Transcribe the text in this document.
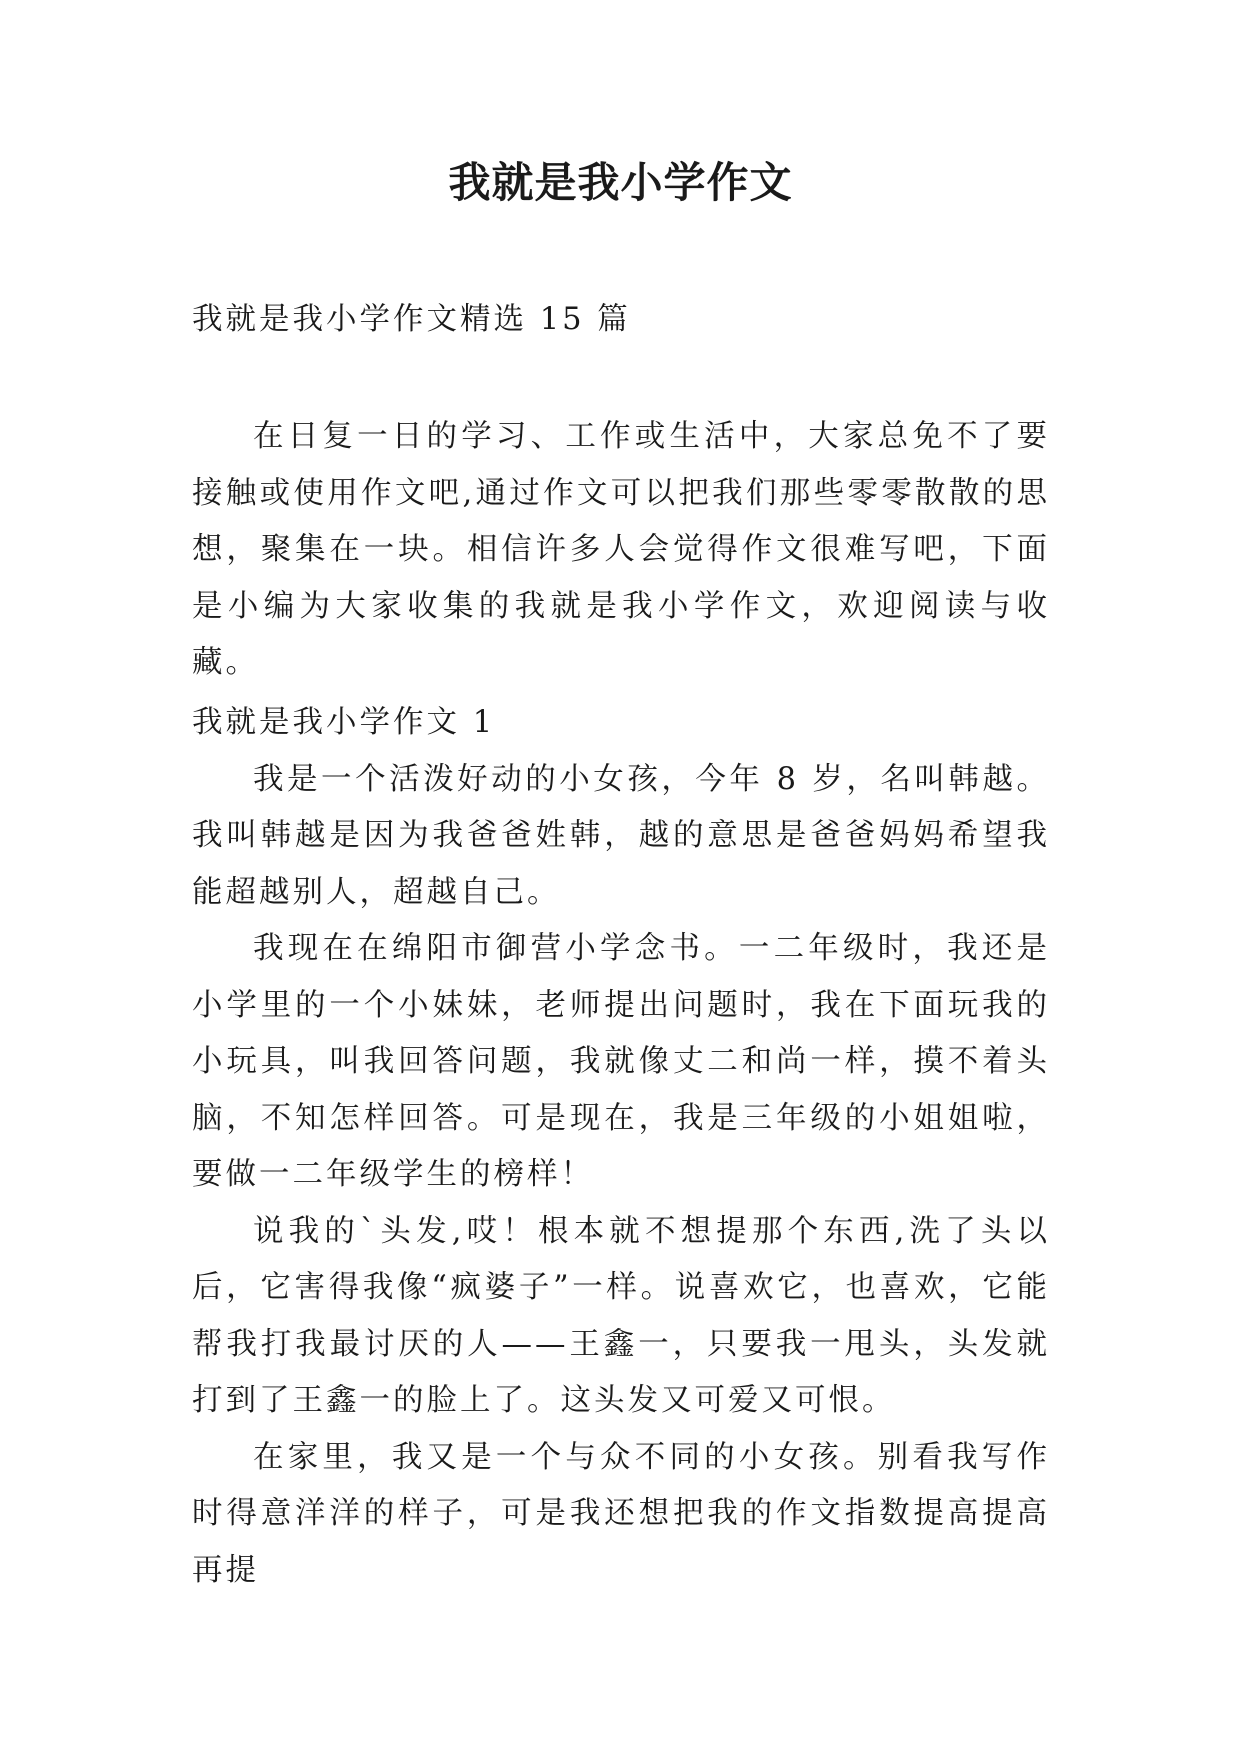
我就是我小学作文

我就是我小学作文精选 15 篇

在日复一日的学习、工作或生活中，大家总免不了要接触或使用作文吧,通过作文可以把我们那些零零散散的思想，聚集在一块。相信许多人会觉得作文很难写吧，下面是小编为大家收集的我就是我小学作文，欢迎阅读与收藏。

我就是我小学作文 1

我是一个活泼好动的小女孩，今年 8 岁，名叫韩越。我叫韩越是因为我爸爸姓韩，越的意思是爸爸妈妈希望我能超越别人，超越自己。

我现在在绵阳市御营小学念书。一二年级时，我还是小学里的一个小妹妹，老师提出问题时，我在下面玩我的小玩具，叫我回答问题，我就像丈二和尚一样，摸不着头脑，不知怎样回答。可是现在，我是三年级的小姐姐啦，要做一二年级学生的榜样！

说我的`头发,哎！根本就不想提那个东西,洗了头以后，它害得我像“疯婆子”一样。说喜欢它，也喜欢，它能帮我打我最讨厌的人——王鑫一，只要我一甩头，头发就打到了王鑫一的脸上了。这头发又可爱又可恨。

在家里，我又是一个与众不同的小女孩。别看我写作时得意洋洋的样子，可是我还想把我的作文指数提高提高再提
